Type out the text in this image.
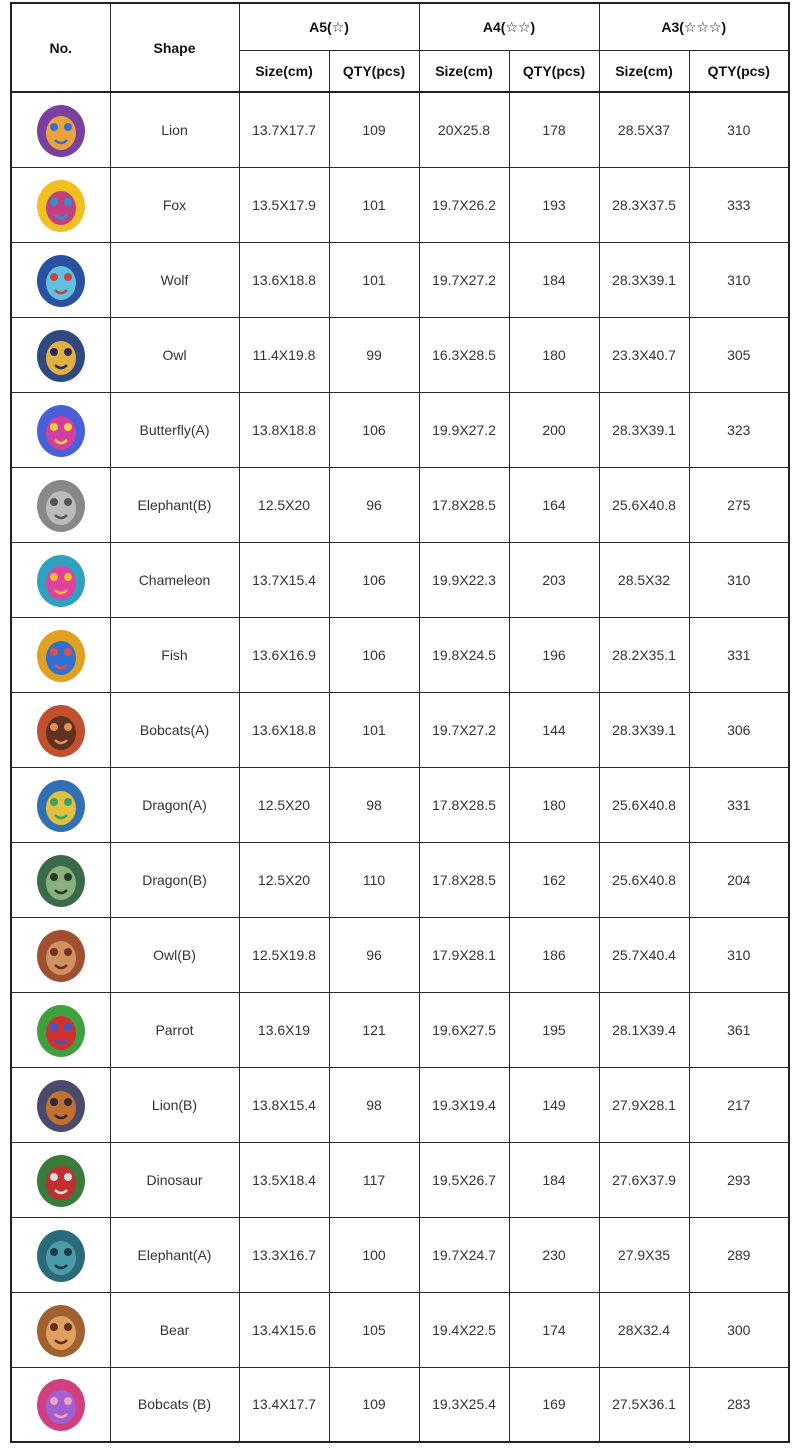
No.	Shape	A5(☆)		A4(☆☆)		A3(☆☆☆)	
		Size(cm)	QTY(pcs)	Size(cm)	QTY(pcs)	Size(cm)	QTY(pcs)

	Lion	13.7X17.7	109	20X25.8	178	28.5X37	310

	Fox	13.5X17.9	101	19.7X26.2	193	28.3X37.5	333

	Wolf	13.6X18.8	101	19.7X27.2	184	28.3X39.1	310

	Owl	11.4X19.8	99	16.3X28.5	180	23.3X40.7	305

	Butterfly(A)	13.8X18.8	106	19.9X27.2	200	28.3X39.1	323

	Elephant(B)	12.5X20	96	17.8X28.5	164	25.6X40.8	275

	Chameleon	13.7X15.4	106	19.9X22.3	203	28.5X32	310

	Fish	13.6X16.9	106	19.8X24.5	196	28.2X35.1	331

	Bobcats(A)	13.6X18.8	101	19.7X27.2	144	28.3X39.1	306

	Dragon(A)	12.5X20	98	17.8X28.5	180	25.6X40.8	331

	Dragon(B)	12.5X20	110	17.8X28.5	162	25.6X40.8	204

	Owl(B)	12.5X19.8	96	17.9X28.1	186	25.7X40.4	310

	Parrot	13.6X19	121	19.6X27.5	195	28.1X39.4	361

	Lion(B)	13.8X15.4	98	19.3X19.4	149	27.9X28.1	217

	Dinosaur	13.5X18.4	117	19.5X26.7	184	27.6X37.9	293

	Elephant(A)	13.3X16.7	100	19.7X24.7	230	27.9X35	289

	Bear	13.4X15.6	105	19.4X22.5	174	28X32.4	300

	Bobcats (B)	13.4X17.7	109	19.3X25.4	169	27.5X36.1	283
